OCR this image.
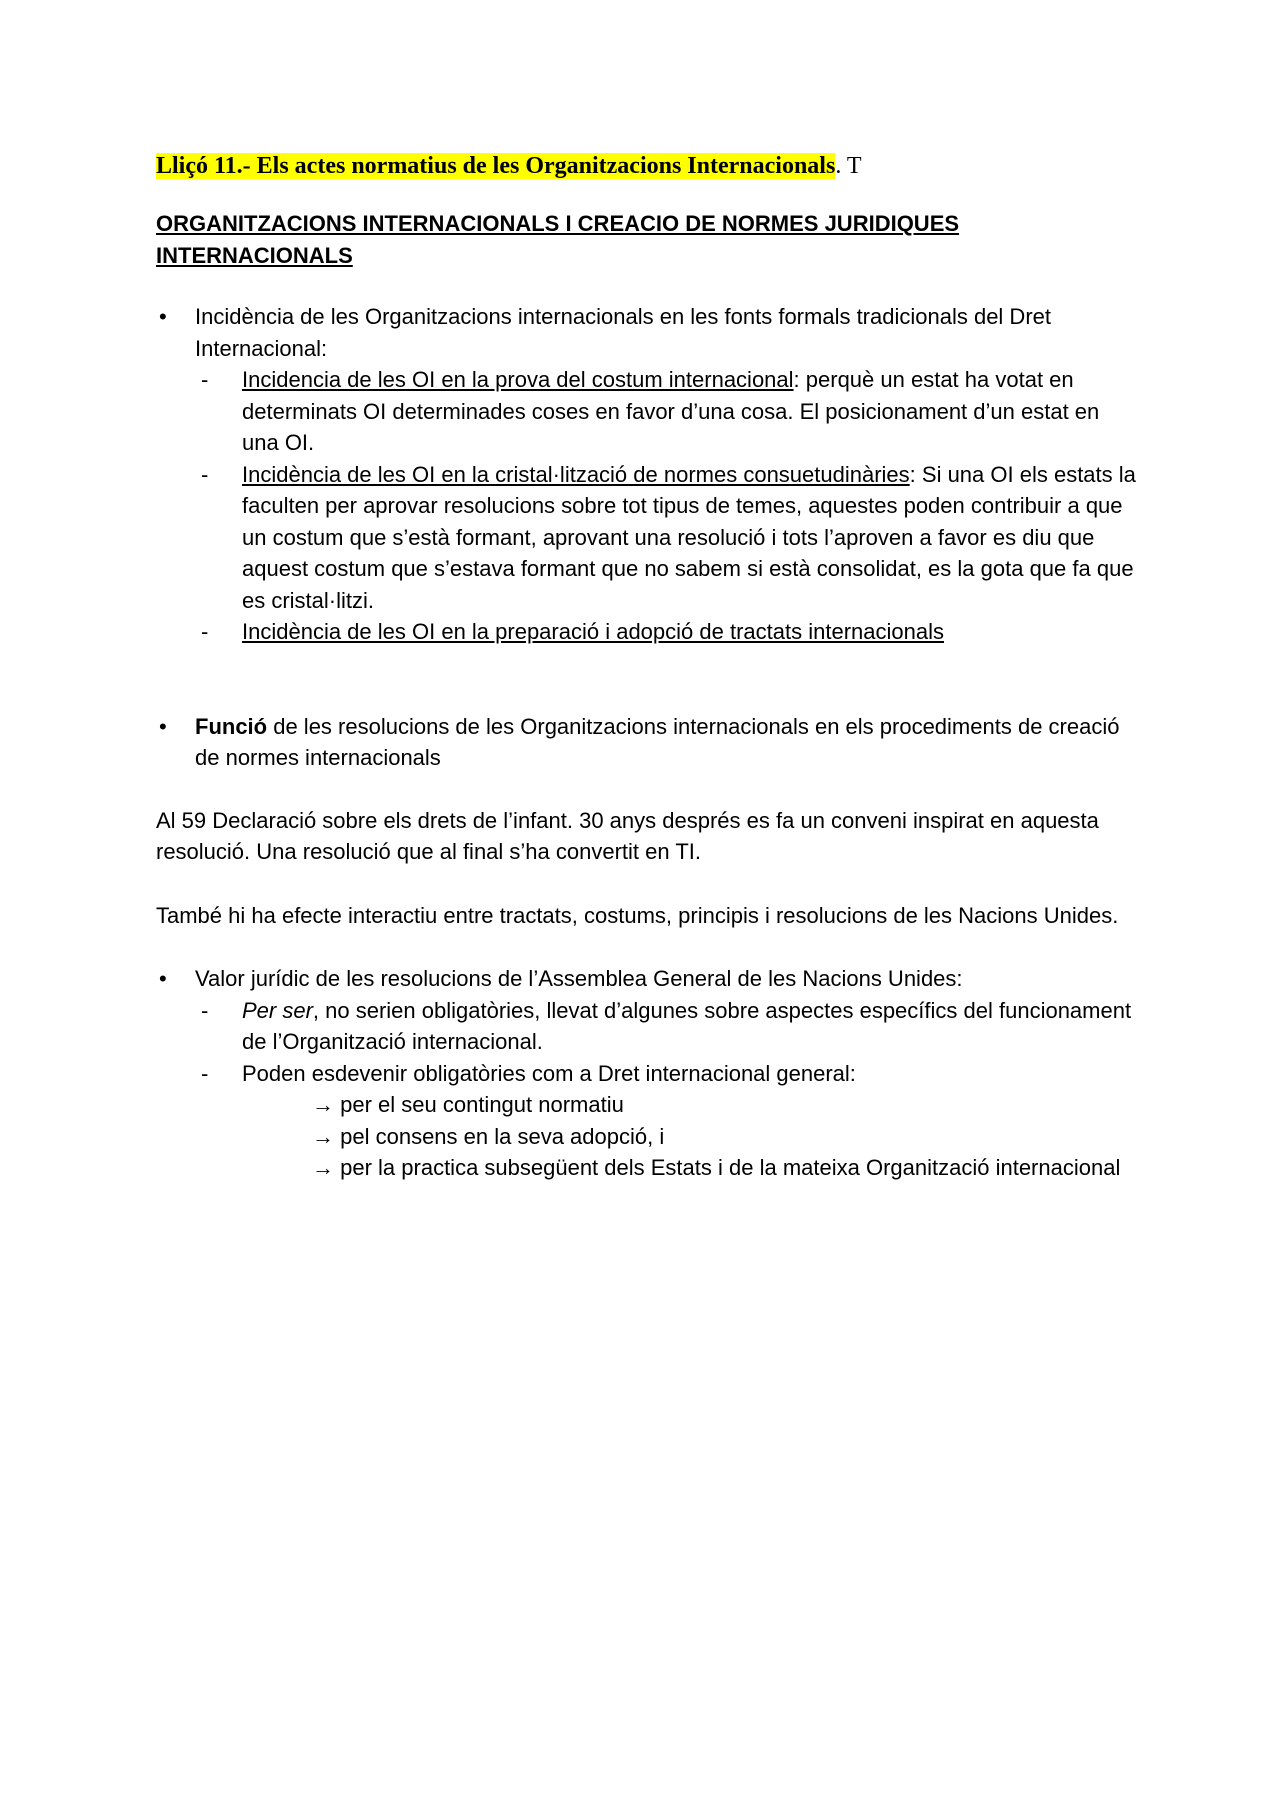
Lliçó 11.- Els actes normatius de les Organitzacions Internacionals. T

ORGANITZACIONS INTERNACIONALS I CREACIO DE NORMES JURIDIQUES INTERNACIONALS

• Incidència de les Organitzacions internacionals en les fonts formals tradicionals del Dret Internacional:

- Incidencia de les OI en la prova del costum internacional: perquè un estat ha votat en determinats OI determinades coses en favor d’una cosa. El posicionament d’un estat en una OI.

- Incidència de les OI en la cristal·lització de normes consuetudinàries: Si una OI els estats la faculten per aprovar resolucions sobre tot tipus de temes, aquestes poden contribuir a que un costum que s’està formant, aprovant una resolució i tots l’aproven a favor es diu que aquest costum que s’estava formant que no sabem si està consolidat, es la gota que fa que es cristal·litzi.

- Incidència de les OI en la preparació i adopció de tractats internacionals

• Funció de les resolucions de les Organitzacions internacionals en els procediments de creació de normes internacionals

Al 59 Declaració sobre els drets de l’infant. 30 anys després es fa un conveni inspirat en aquesta resolució. Una resolució que al final s’ha convertit en TI.

També hi ha efecte interactiu entre tractats, costums, principis i resolucions de les Nacions Unides.

• Valor jurídic de les resolucions de l’Assemblea General de les Nacions Unides:

- Per ser, no serien obligatòries, llevat d’algunes sobre aspectes específics del funcionament de l’Organització internacional.

- Poden esdevenir obligatòries com a Dret internacional general:

→ per el seu contingut normatiu

→ pel consens en la seva adopció, i

→ per la practica subsegüent dels Estats i de la mateixa Organització internacional
